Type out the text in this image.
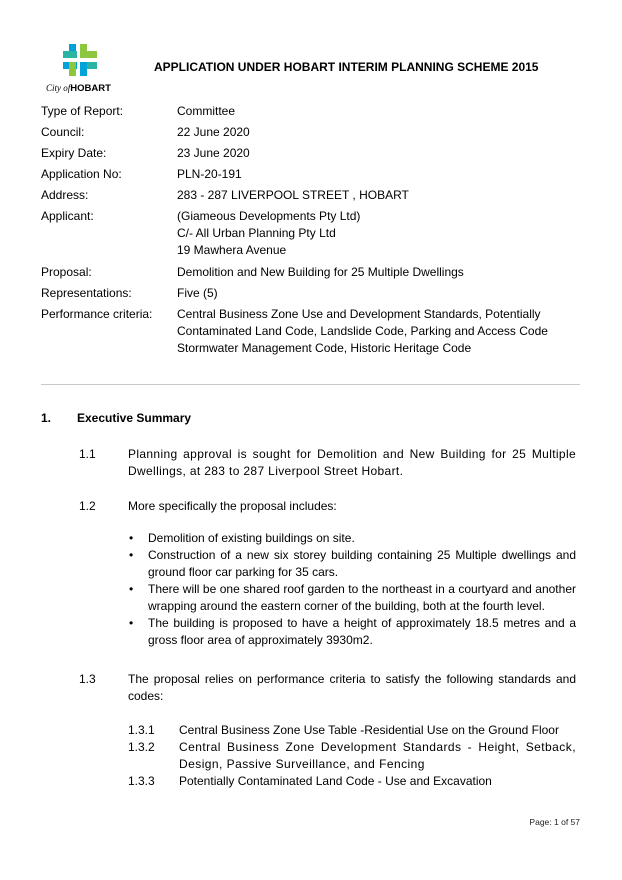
City ofHOBART
APPLICATION UNDER HOBART INTERIM PLANNING SCHEME 2015
Type of Report:	Committee
Council:	22 June 2020
Expiry Date:	23 June 2020
Application No:	PLN-20-191
Address:	283 - 287 LIVERPOOL STREET , HOBART
Applicant:	(Giameous Developments Pty Ltd)
C/- All Urban Planning Pty Ltd
19 Mawhera Avenue
Proposal:	Demolition and New Building for 25 Multiple Dwellings
Representations:	Five (5)
Performance criteria: Central Business Zone Use and Development Standards, Potentially
Contaminated Land Code, Landslide Code, Parking and Access Code
Stormwater Management Code, Historic Heritage Code
1. Executive Summary
1.1	Planning approval is sought for Demolition and New Building for 25 Multiple Dwellings, at 283 to 287 Liverpool Street Hobart.
1.2	More specifically the proposal includes:
• Demolition of existing buildings on site.
• Construction of a new six storey building containing 25 Multiple dwellings and ground floor car parking for 35 cars.
• There will be one shared roof garden to the northeast in a courtyard and another wrapping around the eastern corner of the building, both at the fourth level.
• The building is proposed to have a height of approximately 18.5 metres and a gross floor area of approximately 3930m2.
1.3	The proposal relies on performance criteria to satisfy the following standards and codes:
1.3.1 Central Business Zone Use Table -Residential Use on the Ground Floor
1.3.2 Central Business Zone Development Standards - Height, Setback, Design, Passive Surveillance, and Fencing
1.3.3 Potentially Contaminated Land Code - Use and Excavation
Page: 1 of 57
